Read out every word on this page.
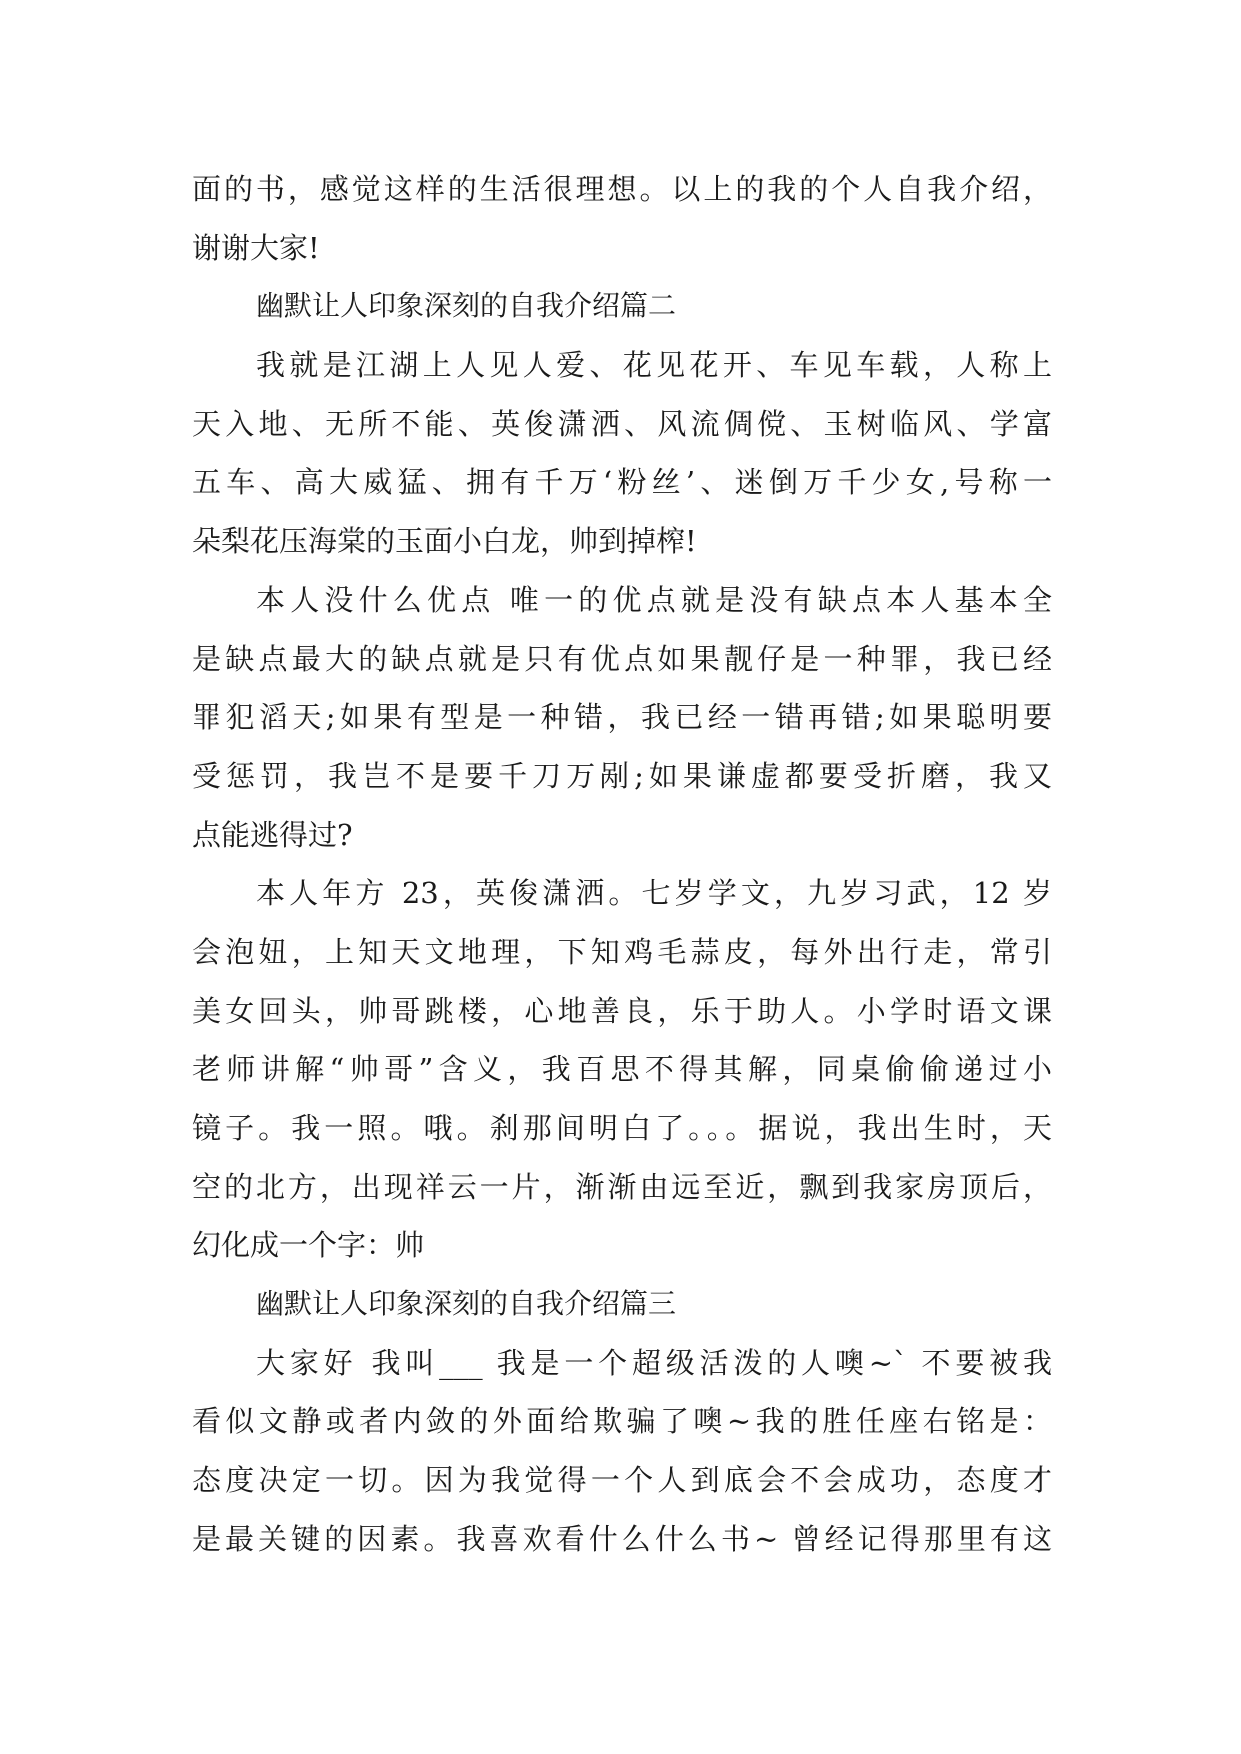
面的书，感觉这样的生活很理想。以上的我的个人自我介绍，
谢谢大家!
幽默让人印象深刻的自我介绍篇二
我就是江湖上人见人爱、花见花开、车见车载，人称上
天入地、无所不能、英俊潇洒、风流倜傥、玉树临风、学富
五车、高大威猛、拥有千万‘粉丝’、迷倒万千少女,号称一
朵梨花压海棠的玉面小白龙，帅到掉榨!
本人没什么优点 唯一的优点就是没有缺点本人基本全
是缺点最大的缺点就是只有优点如果靓仔是一种罪，我已经
罪犯滔天;如果有型是一种错，我已经一错再错;如果聪明要
受惩罚，我岂不是要千刀万剐;如果谦虚都要受折磨，我又
点能逃得过?
本人年方 23，英俊潇洒。七岁学文，九岁习武，12 岁
会泡妞，上知天文地理，下知鸡毛蒜皮，每外出行走，常引
美女回头，帅哥跳楼，心地善良，乐于助人。小学时语文课
老师讲解“帅哥”含义，我百思不得其解，同桌偷偷递过小
镜子。我一照。哦。刹那间明白了。。。据说，我出生时，天
空的北方，出现祥云一片，渐渐由远至近，飘到我家房顶后，
幻化成一个字：帅
幽默让人印象深刻的自我介绍篇三
大家好 我叫___ 我是一个超级活泼的人噢~` 不要被我
看似文静或者内敛的外面给欺骗了噢~我的胜任座右铭是：
态度决定一切。因为我觉得一个人到底会不会成功，态度才
是最关键的因素。我喜欢看什么什么书~ 曾经记得那里有这
